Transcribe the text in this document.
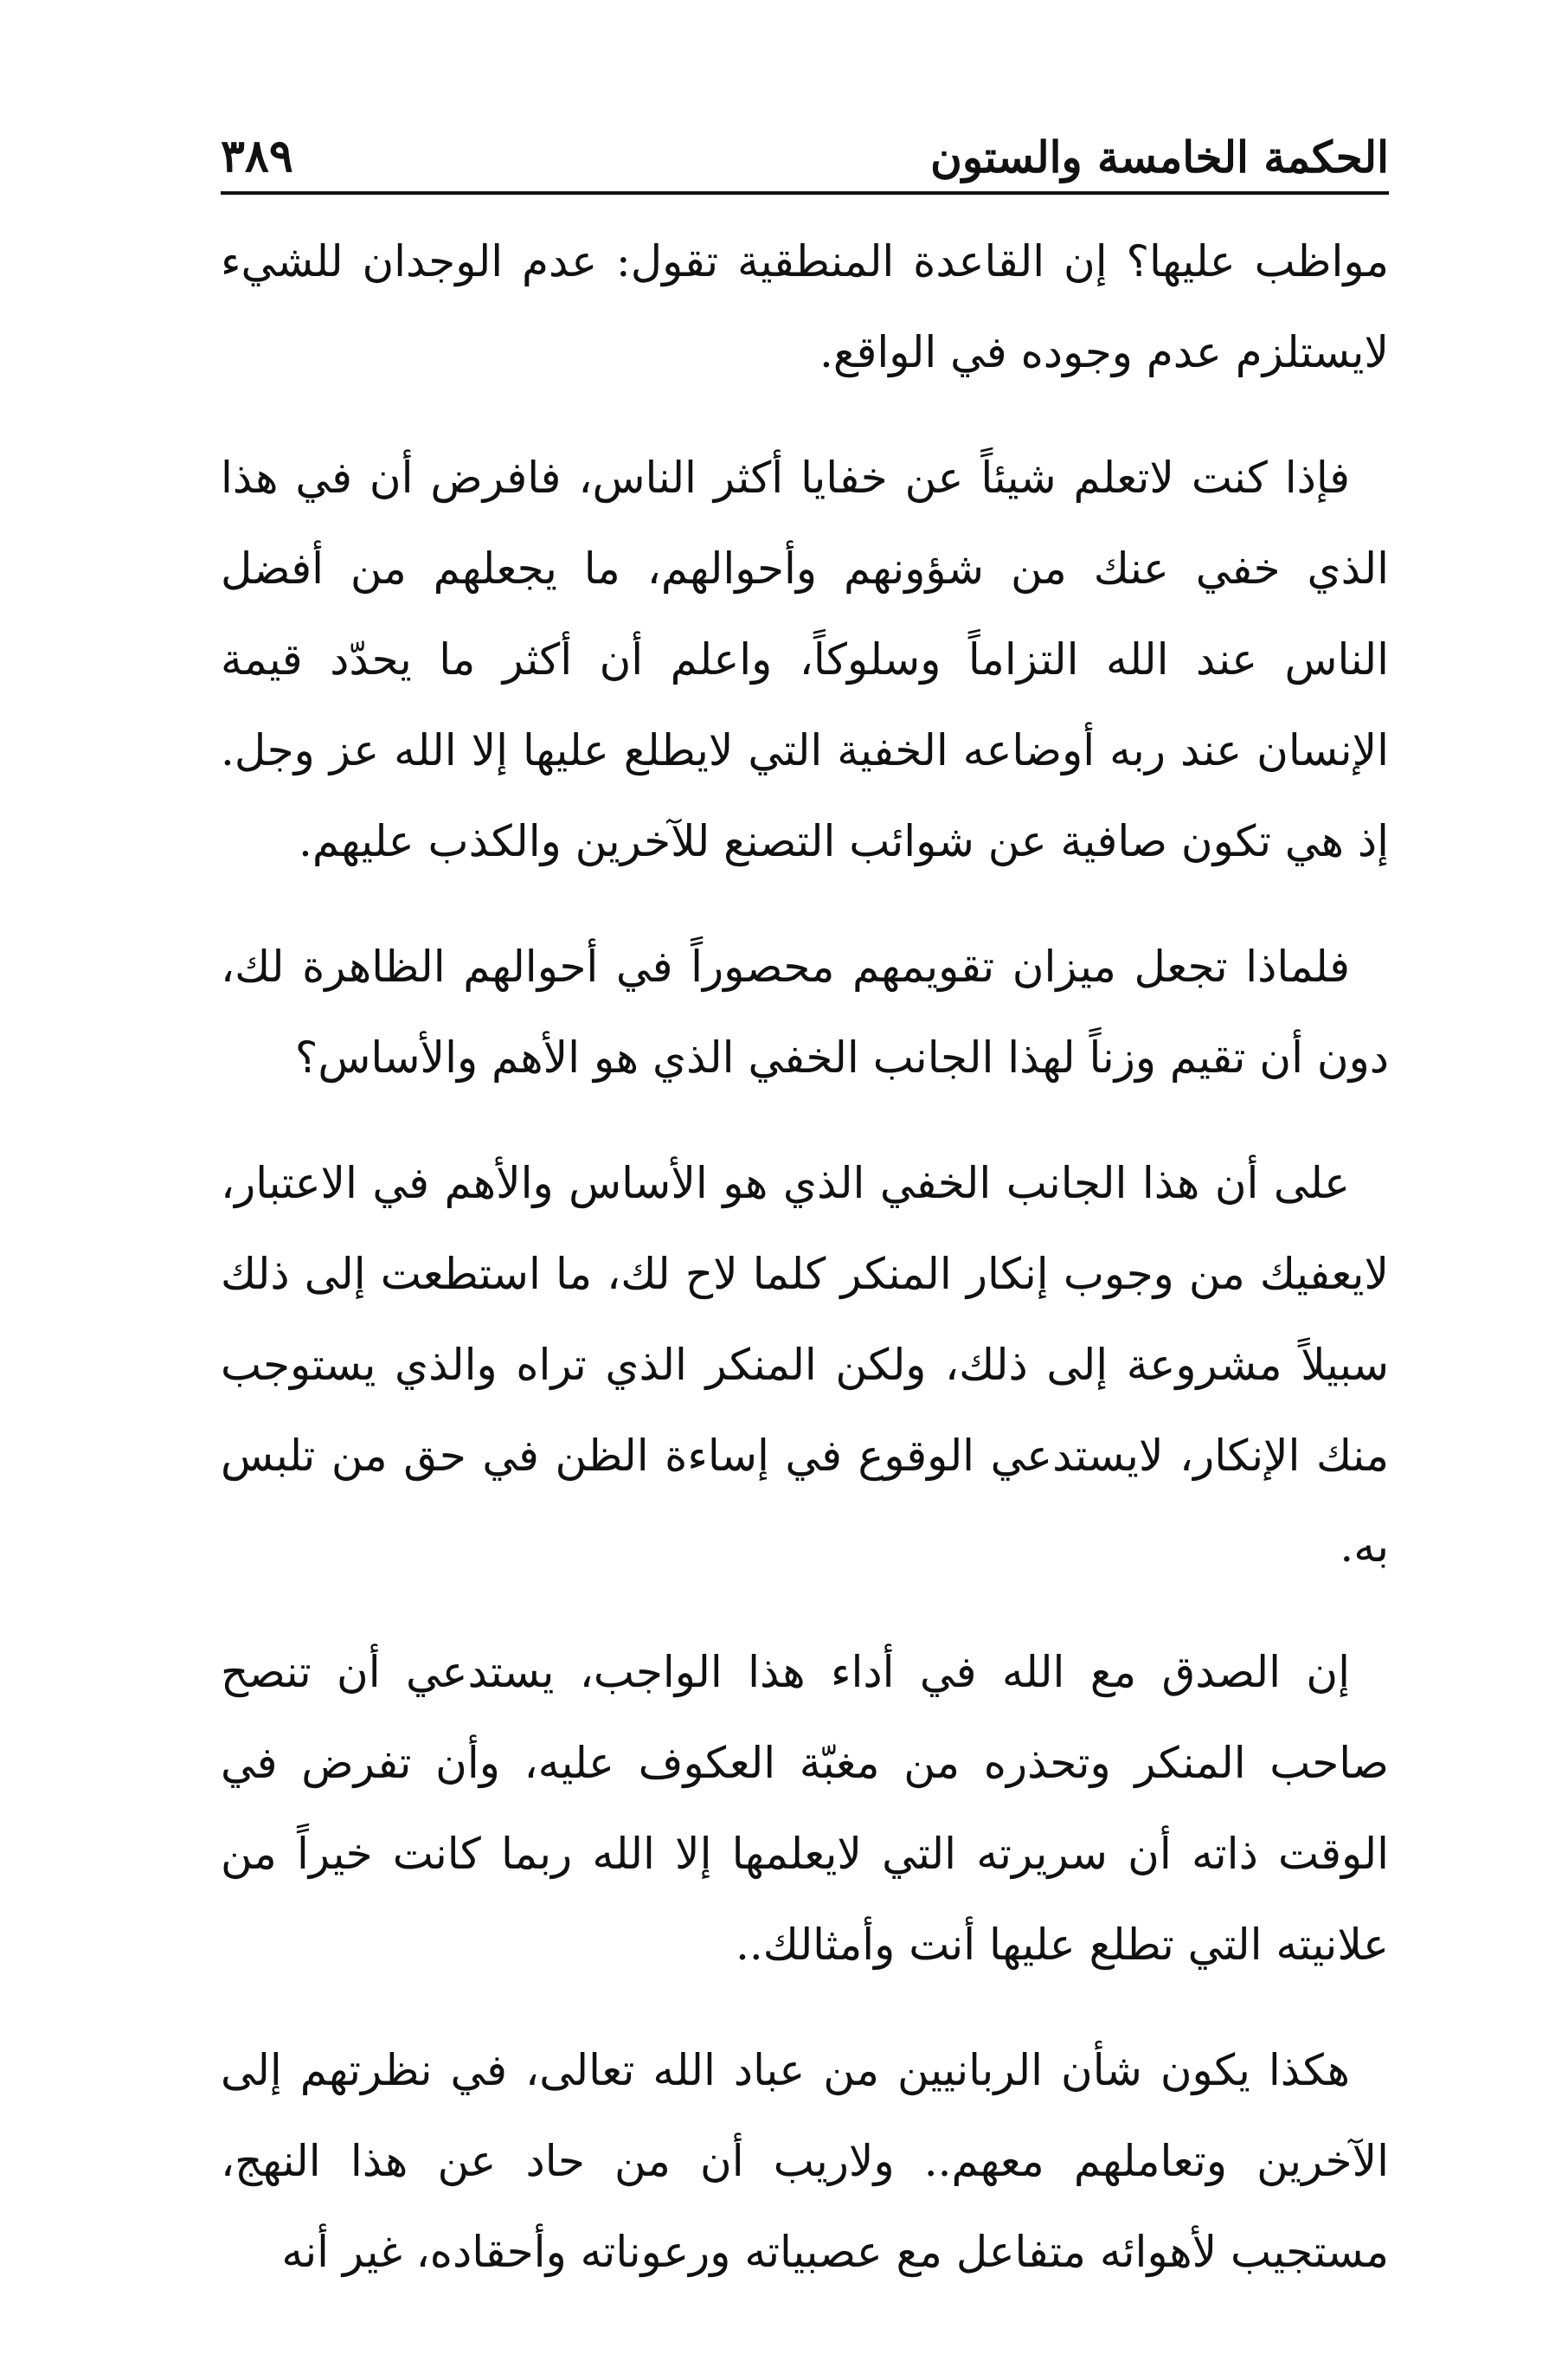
الحكمة الخامسة والستون
٣٨٩

مواظب عليها؟ إن القاعدة المنطقية تقول: عدم الوجدان للشيء لايستلزم عدم وجوده في الواقع.

فإذا كنت لاتعلم شيئاً عن خفايا أكثر الناس، فافرض أن في هذا الذي خفي عنك من شؤونهم وأحوالهم، ما يجعلهم من أفضل الناس عند الله التزاماً وسلوكاً، واعلم أن أكثر ما يحدّد قيمة الإنسان عند ربه أوضاعه الخفية التي لايطلع عليها إلا الله عز وجل. إذ هي تكون صافية عن شوائب التصنع للآخرين والكذب عليهم.

فلماذا تجعل ميزان تقويمهم محصوراً في أحوالهم الظاهرة لك، دون أن تقيم وزناً لهذا الجانب الخفي الذي هو الأهم والأساس؟

على أن هذا الجانب الخفي الذي هو الأساس والأهم في الاعتبار، لايعفيك من وجوب إنكار المنكر كلما لاح لك، ما استطعت إلى ذلك سبيلاً مشروعة إلى ذلك، ولكن المنكر الذي تراه والذي يستوجب منك الإنكار، لايستدعي الوقوع في إساءة الظن في حق من تلبس به.

إن الصدق مع الله في أداء هذا الواجب، يستدعي أن تنصح صاحب المنكر وتحذره من مغبّة العكوف عليه، وأن تفرض في الوقت ذاته أن سريرته التي لايعلمها إلا الله ربما كانت خيراً من علانيته التي تطلع عليها أنت وأمثالك..

هكذا يكون شأن الربانيين من عباد الله تعالى، في نظرتهم إلى الآخرين وتعاملهم معهم.. ولاريب أن من حاد عن هذا النهج، مستجيب لأهوائه متفاعل مع عصبياته ورعوناته وأحقاده، غير أنه
